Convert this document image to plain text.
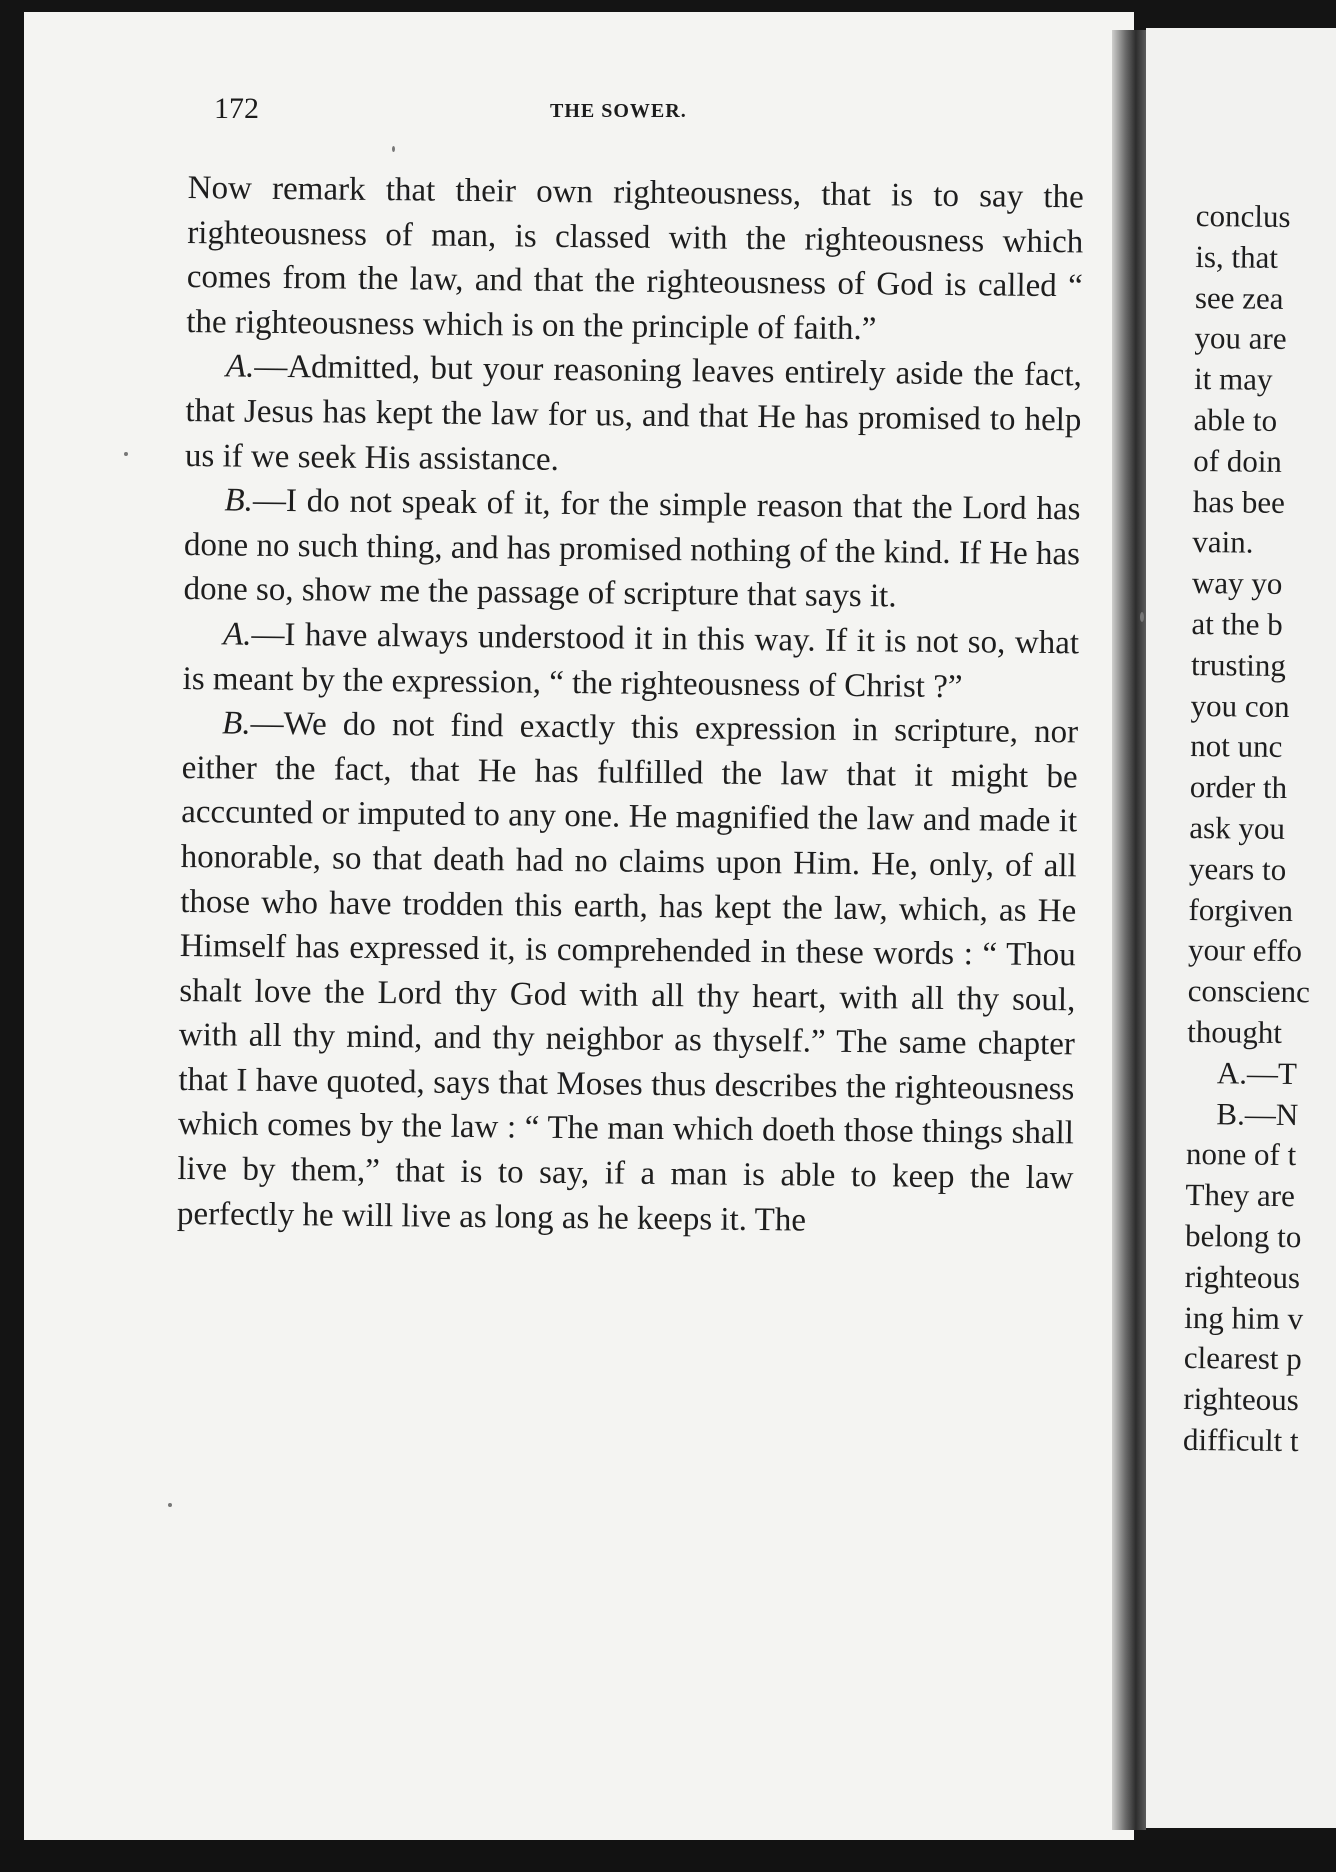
conclus
is, that
see zea
you are
it may
able to
of doin
has bee
vain.
way yo
at the b
trusting
you con
not unc
order th
ask you
years to
forgiven
your effo
conscienc
thought
A.—T
B.—N
none of t
They are
belong to
righteous
ing him v
clearest p
righteous
difficult t
172	THE SOWER.

Now remark that their own righteousness, that is to say the righteousness of man, is classed with the righteousness which comes from the law, and that the righteousness of God is called “ the righteousness which is on the principle of faith.”

A.—Admitted, but your reasoning leaves entirely aside the fact, that Jesus has kept the law for us, and that He has promised to help us if we seek His assistance.

B.—I do not speak of it, for the simple reason that the Lord has done no such thing, and has promised nothing of the kind. If He has done so, show me the passage of scripture that says it.

A.—I have always understood it in this way. If it is not so, what is meant by the expression, “ the righteousness of Christ ?”

B.—We do not find exactly this expression in scripture, nor either the fact, that He has fulfilled the law that it might be acccunted or imputed to any one. He magnified the law and made it honorable, so that death had no claims upon Him. He, only, of all those who have trodden this earth, has kept the law, which, as He Himself has expressed it, is comprehended in these words : “ Thou shalt love the Lord thy God with all thy heart, with all thy soul, with all thy mind, and thy neighbor as thyself.” The same chapter that I have quoted, says that Moses thus describes the righteousness which comes by the law : “ The man which doeth those things shall live by them,” that is to say, if a man is able to keep the law perfectly he will live as long as he keeps it. The
